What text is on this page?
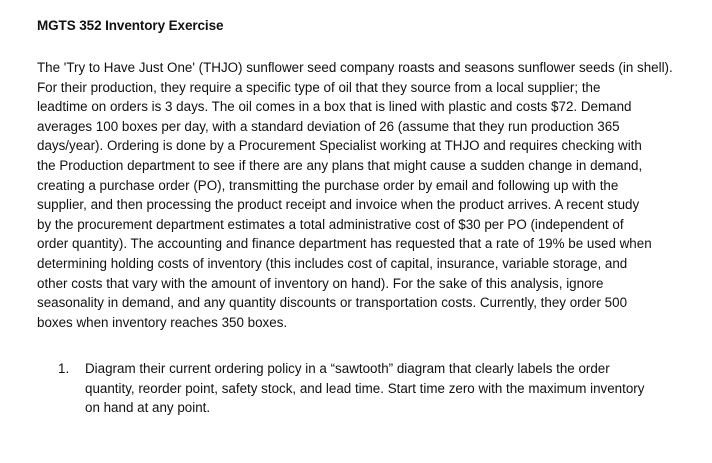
MGTS 352 Inventory Exercise
The 'Try to Have Just One' (THJO) sunflower seed company roasts and seasons sunflower seeds (in shell).
For their production, they require a specific type of oil that they source from a local supplier; the
leadtime on orders is 3 days. The oil comes in a box that is lined with plastic and costs $72. Demand
averages 100 boxes per day, with a standard deviation of 26 (assume that they run production 365
days/year). Ordering is done by a Procurement Specialist working at THJO and requires checking with
the Production department to see if there are any plans that might cause a sudden change in demand,
creating a purchase order (PO), transmitting the purchase order by email and following up with the
supplier, and then processing the product receipt and invoice when the product arrives. A recent study
by the procurement department estimates a total administrative cost of $30 per PO (independent of
order quantity). The accounting and finance department has requested that a rate of 19% be used when
determining holding costs of inventory (this includes cost of capital, insurance, variable storage, and
other costs that vary with the amount of inventory on hand). For the sake of this analysis, ignore
seasonality in demand, and any quantity discounts or transportation costs. Currently, they order 500
boxes when inventory reaches 350 boxes.
1. Diagram their current ordering policy in a “sawtooth” diagram that clearly labels the order
quantity, reorder point, safety stock, and lead time. Start time zero with the maximum inventory
on hand at any point.
